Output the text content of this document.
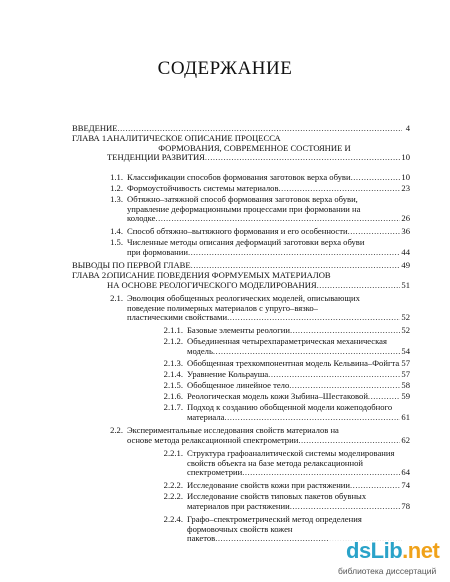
СОДЕРЖАНИЕ
ВВЕДЕНИЕ .....	4
ГЛАВА 1.
АНАЛИТИЧЕСКОЕ ОПИСАНИЕ ПРОЦЕССА
ФОРМОВАНИЯ, СОВРЕМЕННОЕ СОСТОЯНИЕ И
ТЕНДЕНЦИИ РАЗВИТИЯ .....	10
1.1. Классификации способов формования заготовок верха обуви .....	10
1.2. Формоустойчивость системы материалов .....	23
1.3. Обтяжно–затяжной способ формования заготовок верха обуви,
управление деформационными процессами при формовании на
колодке .....	26
1.4. Способ обтяжно–вытяжного формования и его особенности .....	36
1.5. Численные методы описания деформаций заготовки верха обуви
при формовании .....	44
ВЫВОДЫ ПО ПЕРВОЙ ГЛАВЕ .....	49
ГЛАВА 2.
ОПИСАНИЕ ПОВЕДЕНИЯ ФОРМУЕМЫХ МАТЕРИАЛОВ
НА ОСНОВЕ РЕОЛОГИЧЕСКОГО МОДЕЛИРОВАНИЯ .....	51
2.1. Эволюция обобщенных реологических моделей, описывающих
поведение полимерных материалов с упруго–вязко–
пластическими свойствами .....	52
2.1.1. Базовые элементы реологии .....	52
2.1.2. Объединенная четырехпараметрическая механическая
модель .....	54
2.1.3. Обобщенная трехкомпонентная модель Кельвина–Фойгта ..... 57
2.1.4. Уравнение Кольрауша .....	57
2.1.5. Обобщенное линейное тело .....	58
2.1.6. Реологическая модель кожи Зыбина–Шестаковой .....	59
2.1.7. Подход к созданию обобщенной модели кожеподобного
материала .....	61
2.2. Экспериментальные исследования свойств материалов на
основе метода релаксационной спектрометрии .....	62
2.2.1. Структура графоаналитической системы моделирования
свойств объекта на базе метода релаксационной
спектрометрии .....	64
2.2.2. Исследование свойств кожи при растяжении .....	74
2.2.2. Исследование свойств типовых пакетов обувных
материалов при растяжении .....	78
2.2.4. Графо–спектрометрический метод определения
формовочных свойств кожен
пакетов .....	dsLib.net
библиотека диссертаций
